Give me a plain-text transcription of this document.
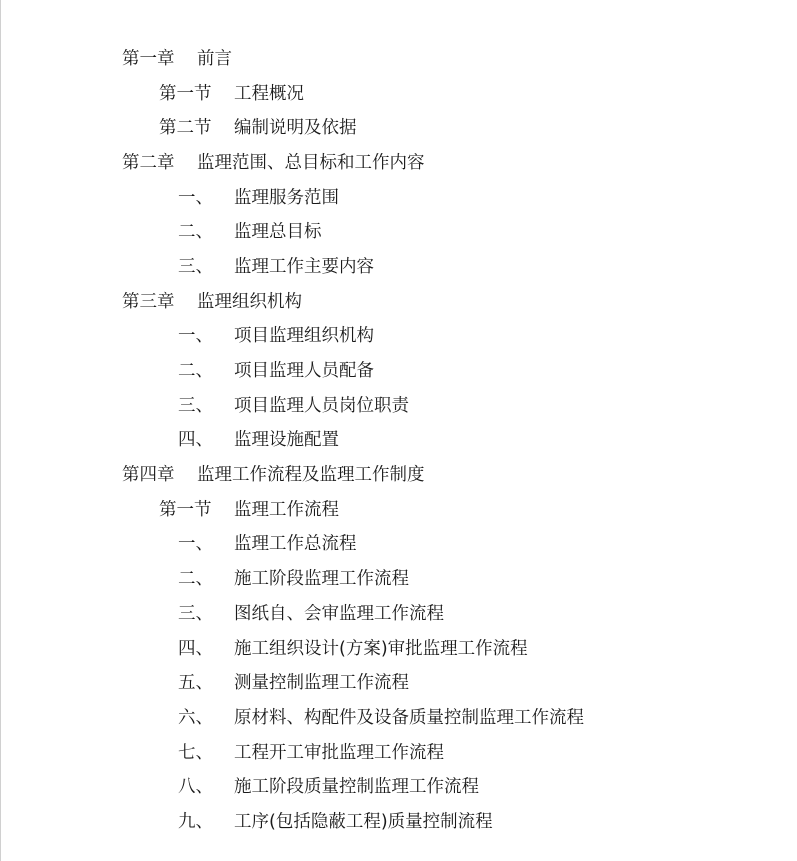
第一章	前言
第一节	工程概况
第二节	编制说明及依据
第二章	监理范围、总目标和工作内容
一、	监理服务范围
二、	监理总目标
三、	监理工作主要内容
第三章	监理组织机构
一、	项目监理组织机构
二、	项目监理人员配备
三、	项目监理人员岗位职责
四、	监理设施配置
第四章	监理工作流程及监理工作制度
第一节	监理工作流程
一、	监理工作总流程
二、	施工阶段监理工作流程
三、	图纸自、会审监理工作流程
四、	施工组织设计(方案)审批监理工作流程
五、	测量控制监理工作流程
六、	原材料、构配件及设备质量控制监理工作流程
七、	工程开工审批监理工作流程
八、	施工阶段质量控制监理工作流程
九、	工序(包括隐蔽工程)质量控制流程
